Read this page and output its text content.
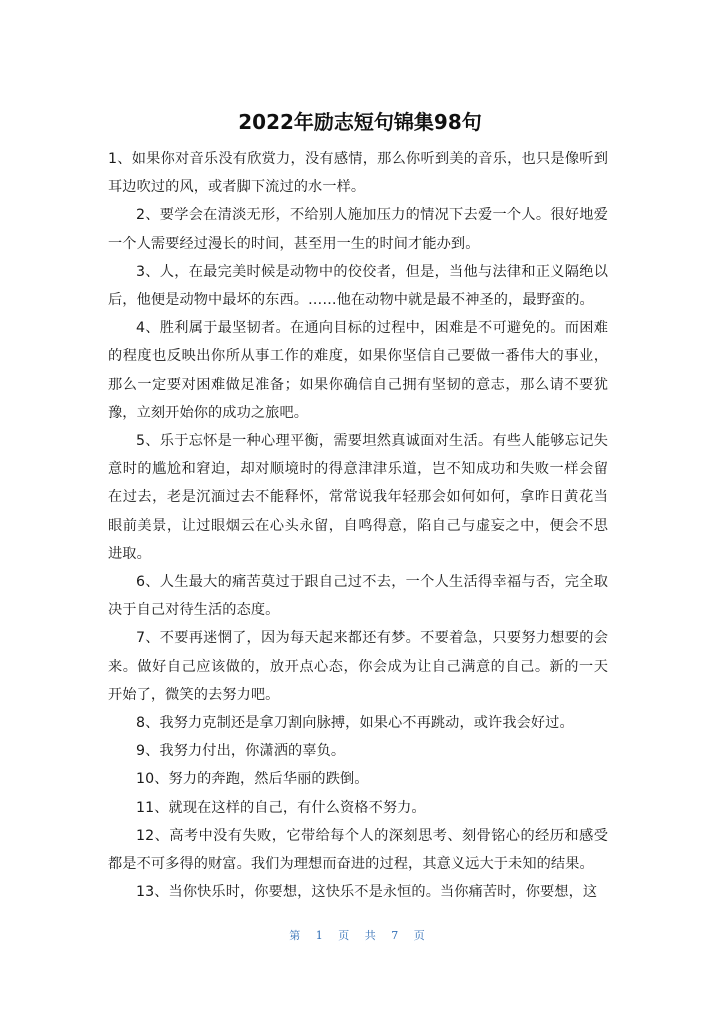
2022年励志短句锦集98句

1、如果你对音乐没有欣赏力，没有感情，那么你听到美的音乐，也只是像听到耳边吹过的风，或者脚下流过的水一样。

2、要学会在清淡无形，不给别人施加压力的情况下去爱一个人。很好地爱一个人需要经过漫长的时间，甚至用一生的时间才能办到。

3、人，在最完美时候是动物中的佼佼者，但是，当他与法律和正义隔绝以后，他便是动物中最坏的东西。……他在动物中就是最不神圣的，最野蛮的。

4、胜利属于最坚韧者。在通向目标的过程中，困难是不可避免的。而困难的程度也反映出你所从事工作的难度，如果你坚信自己要做一番伟大的事业，那么一定要对困难做足准备；如果你确信自己拥有坚韧的意志，那么请不要犹豫，立刻开始你的成功之旅吧。

5、乐于忘怀是一种心理平衡，需要坦然真诚面对生活。有些人能够忘记失意时的尴尬和窘迫，却对顺境时的得意津津乐道，岂不知成功和失败一样会留在过去，老是沉湎过去不能释怀，常常说我年轻那会如何如何，拿昨日黄花当眼前美景，让过眼烟云在心头永留，自鸣得意，陷自己与虚妄之中，便会不思进取。

6、人生最大的痛苦莫过于跟自己过不去，一个人生活得幸福与否，完全取决于自己对待生活的态度。

7、不要再迷惘了，因为每天起来都还有梦。不要着急，只要努力想要的会来。做好自己应该做的，放开点心态，你会成为让自己满意的自己。新的一天开始了，微笑的去努力吧。

8、我努力克制还是拿刀割向脉搏，如果心不再跳动，或许我会好过。

9、我努力付出，你潇洒的辜负。

10、努力的奔跑，然后华丽的跌倒。

11、就现在这样的自己，有什么资格不努力。

12、高考中没有失败，它带给每个人的深刻思考、刻骨铭心的经历和感受都是不可多得的财富。我们为理想而奋进的过程，其意义远大于未知的结果。

13、当你快乐时，你要想，这快乐不是永恒的。当你痛苦时，你要想，这

第 1 页 共 7 页
